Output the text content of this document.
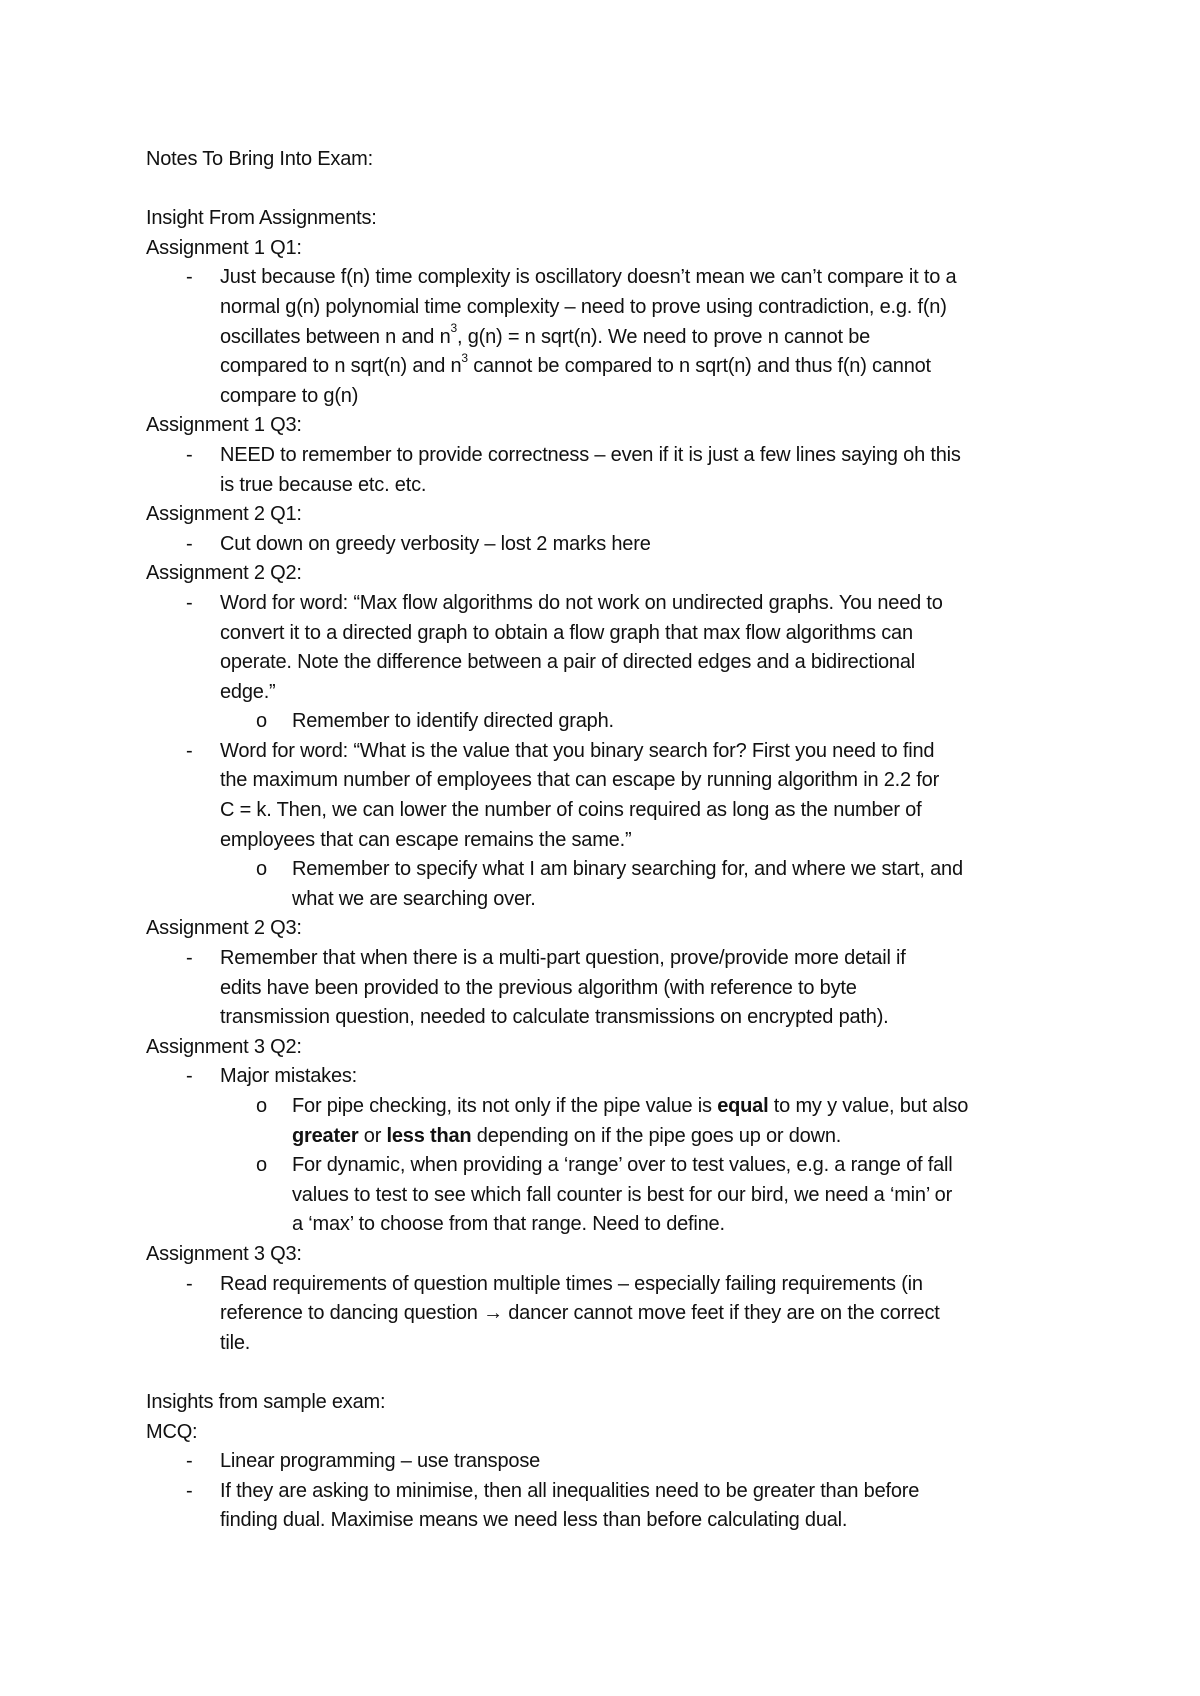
Notes To Bring Into Exam:
Insight From Assignments:
Assignment 1 Q1:
- Just because f(n) time complexity is oscillatory doesn’t mean we can’t compare it to a
normal g(n) polynomial time complexity – need to prove using contradiction, e.g. f(n)
oscillates between n and $n^3$, g(n) = n sqrt(n). We need to prove n cannot be
compared to n sqrt(n) and $n^3$ cannot be compared to n sqrt(n) and thus f(n) cannot
compare to g(n)
Assignment 1 Q3:
- NEED to remember to provide correctness – even if it is just a few lines saying oh this
is true because etc. etc.
Assignment 2 Q1:
- Cut down on greedy verbosity – lost 2 marks here
Assignment 2 Q2:
- Word for word: “Max flow algorithms do not work on undirected graphs. You need to
convert it to a directed graph to obtain a flow graph that max flow algorithms can
operate. Note the difference between a pair of directed edges and a bidirectional
edge.”
o Remember to identify directed graph.
- Word for word: “What is the value that you binary search for? First you need to find
the maximum number of employees that can escape by running algorithm in 2.2 for
C = k. Then, we can lower the number of coins required as long as the number of
employees that can escape remains the same.”
o Remember to specify what I am binary searching for, and where we start, and
what we are searching over.
Assignment 2 Q3:
- Remember that when there is a multi-part question, prove/provide more detail if
edits have been provided to the previous algorithm (with reference to byte
transmission question, needed to calculate transmissions on encrypted path).
Assignment 3 Q2:
- Major mistakes:
o For pipe checking, its not only if the pipe value is equal to my y value, but also
greater or less than depending on if the pipe goes up or down.
o For dynamic, when providing a ‘range’ over to test values, e.g. a range of fall
values to test to see which fall counter is best for our bird, we need a ‘min’ or
a ‘max’ to choose from that range. Need to define.
Assignment 3 Q3:
- Read requirements of question multiple times – especially failing requirements (in
reference to dancing question → dancer cannot move feet if they are on the correct
tile.
Insights from sample exam:
MCQ:
- Linear programming – use transpose
- If they are asking to minimise, then all inequalities need to be greater than before
finding dual. Maximise means we need less than before calculating dual.
